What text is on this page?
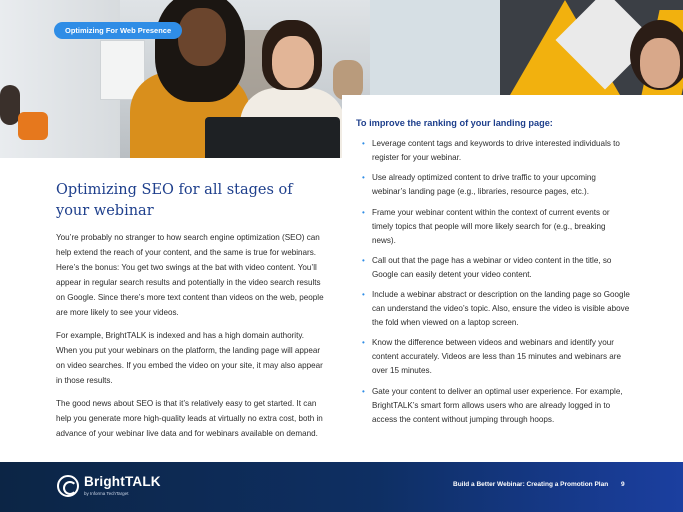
Optimizing For Web Presence
Optimizing SEO for all stages of your webinar

You’re probably no stranger to how search engine optimization (SEO) can help extend the reach of your content, and the same is true for webinars. Here’s the bonus: You get two swings at the bat with video content. You’ll appear in regular search results and potentially in the video search results on Google. Since there’s more text content than videos on the web, people are more likely to see your videos.

For example, BrightTALK is indexed and has a high domain authority. When you put your webinars on the platform, the landing page will appear on video searches. If you embed the video on your site, it may also appear in those results.

The good news about SEO is that it’s relatively easy to get started. It can help you generate more high-quality leads at virtually no extra cost, both in advance of your webinar live data and for webinars available on demand.

To improve the ranking of your landing page:
• Leverage content tags and keywords to drive interested individuals to register for your webinar.
• Use already optimized content to drive traffic to your upcoming webinar’s landing page (e.g., libraries, resource pages, etc.).
• Frame your webinar content within the context of current events or timely topics that people will more likely search for (e.g., breaking news).
• Call out that the page has a webinar or video content in the title, so Google can easily detent your video content.
• Include a webinar abstract or description on the landing page so Google can understand the video’s topic. Also, ensure the video is visible above the fold when viewed on a laptop screen.
• Know the difference between videos and webinars and identify your content accurately. Videos are less than 15 minutes and webinars are over 15 minutes.
• Gate your content to deliver an optimal user experience. For example, BrightTALK’s smart form allows users who are already logged in to access the content without jumping through hoops.
BrightTALK
by Informa TechTarget
Build a Better Webinar: Creating a Promotion Plan 9
